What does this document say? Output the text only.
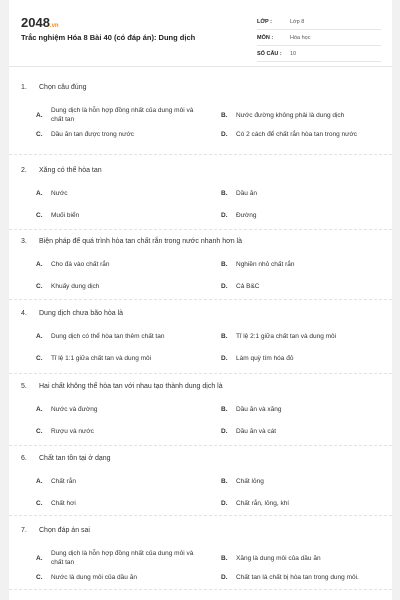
2048.vn
Trắc nghiệm Hóa 8 Bài 40 (có đáp án): Dung dịch
LỚP :	Lớp 8
MÔN :	Hóa học
SỐ CÂU :	10
1.	Chọn câu đúng
A.
Dung dịch là hỗn hợp đồng nhất của dung môi và chất tan
B.	Nước đường không phải là dung dịch
C.	Dầu ăn tan được trong nước	D.	Có 2 cách để chất rắn hòa tan trong nước
2.	Xăng có thể hòa tan
A.	Nước	B.	Dầu ăn
C.	Muối biển	D.	Đường
3.	Biện pháp để quá trình hòa tan chất rắn trong nước nhanh hơn là
A.	Cho đá vào chất rắn	B.	Nghiền nhỏ chất rắn
C.	Khuấy dung dịch	D.	Cả B&C
4.	Dung dịch chưa bão hòa là
A.	Dung dịch có thể hòa tan thêm chất tan	B.	Tỉ lệ 2:1 giữa chất tan và dung môi
C.	Tỉ lệ 1:1 giữa chất tan và dung môi	D.	Làm quỳ tím hóa đỏ
5.	Hai chất không thể hòa tan với nhau tạo thành dung dịch là
A.	Nước và đường	B.	Dầu ăn và xăng
C.	Rượu và nước	D.	Dầu ăn và cát
6.	Chất tan tồn tại ở dạng
A.	Chất rắn	B.	Chất lỏng
C.	Chất hơi	D.	Chất rắn, lỏng, khí
7.	Chọn đáp án sai
A.
Dung dịch là hỗn hợp đồng nhất của dung môi và chất tan
B.	Xăng là dung môi của dầu ăn
C.	Nước là dung môi của dầu ăn	D.	Chất tan là chất bị hòa tan trong dung môi.
